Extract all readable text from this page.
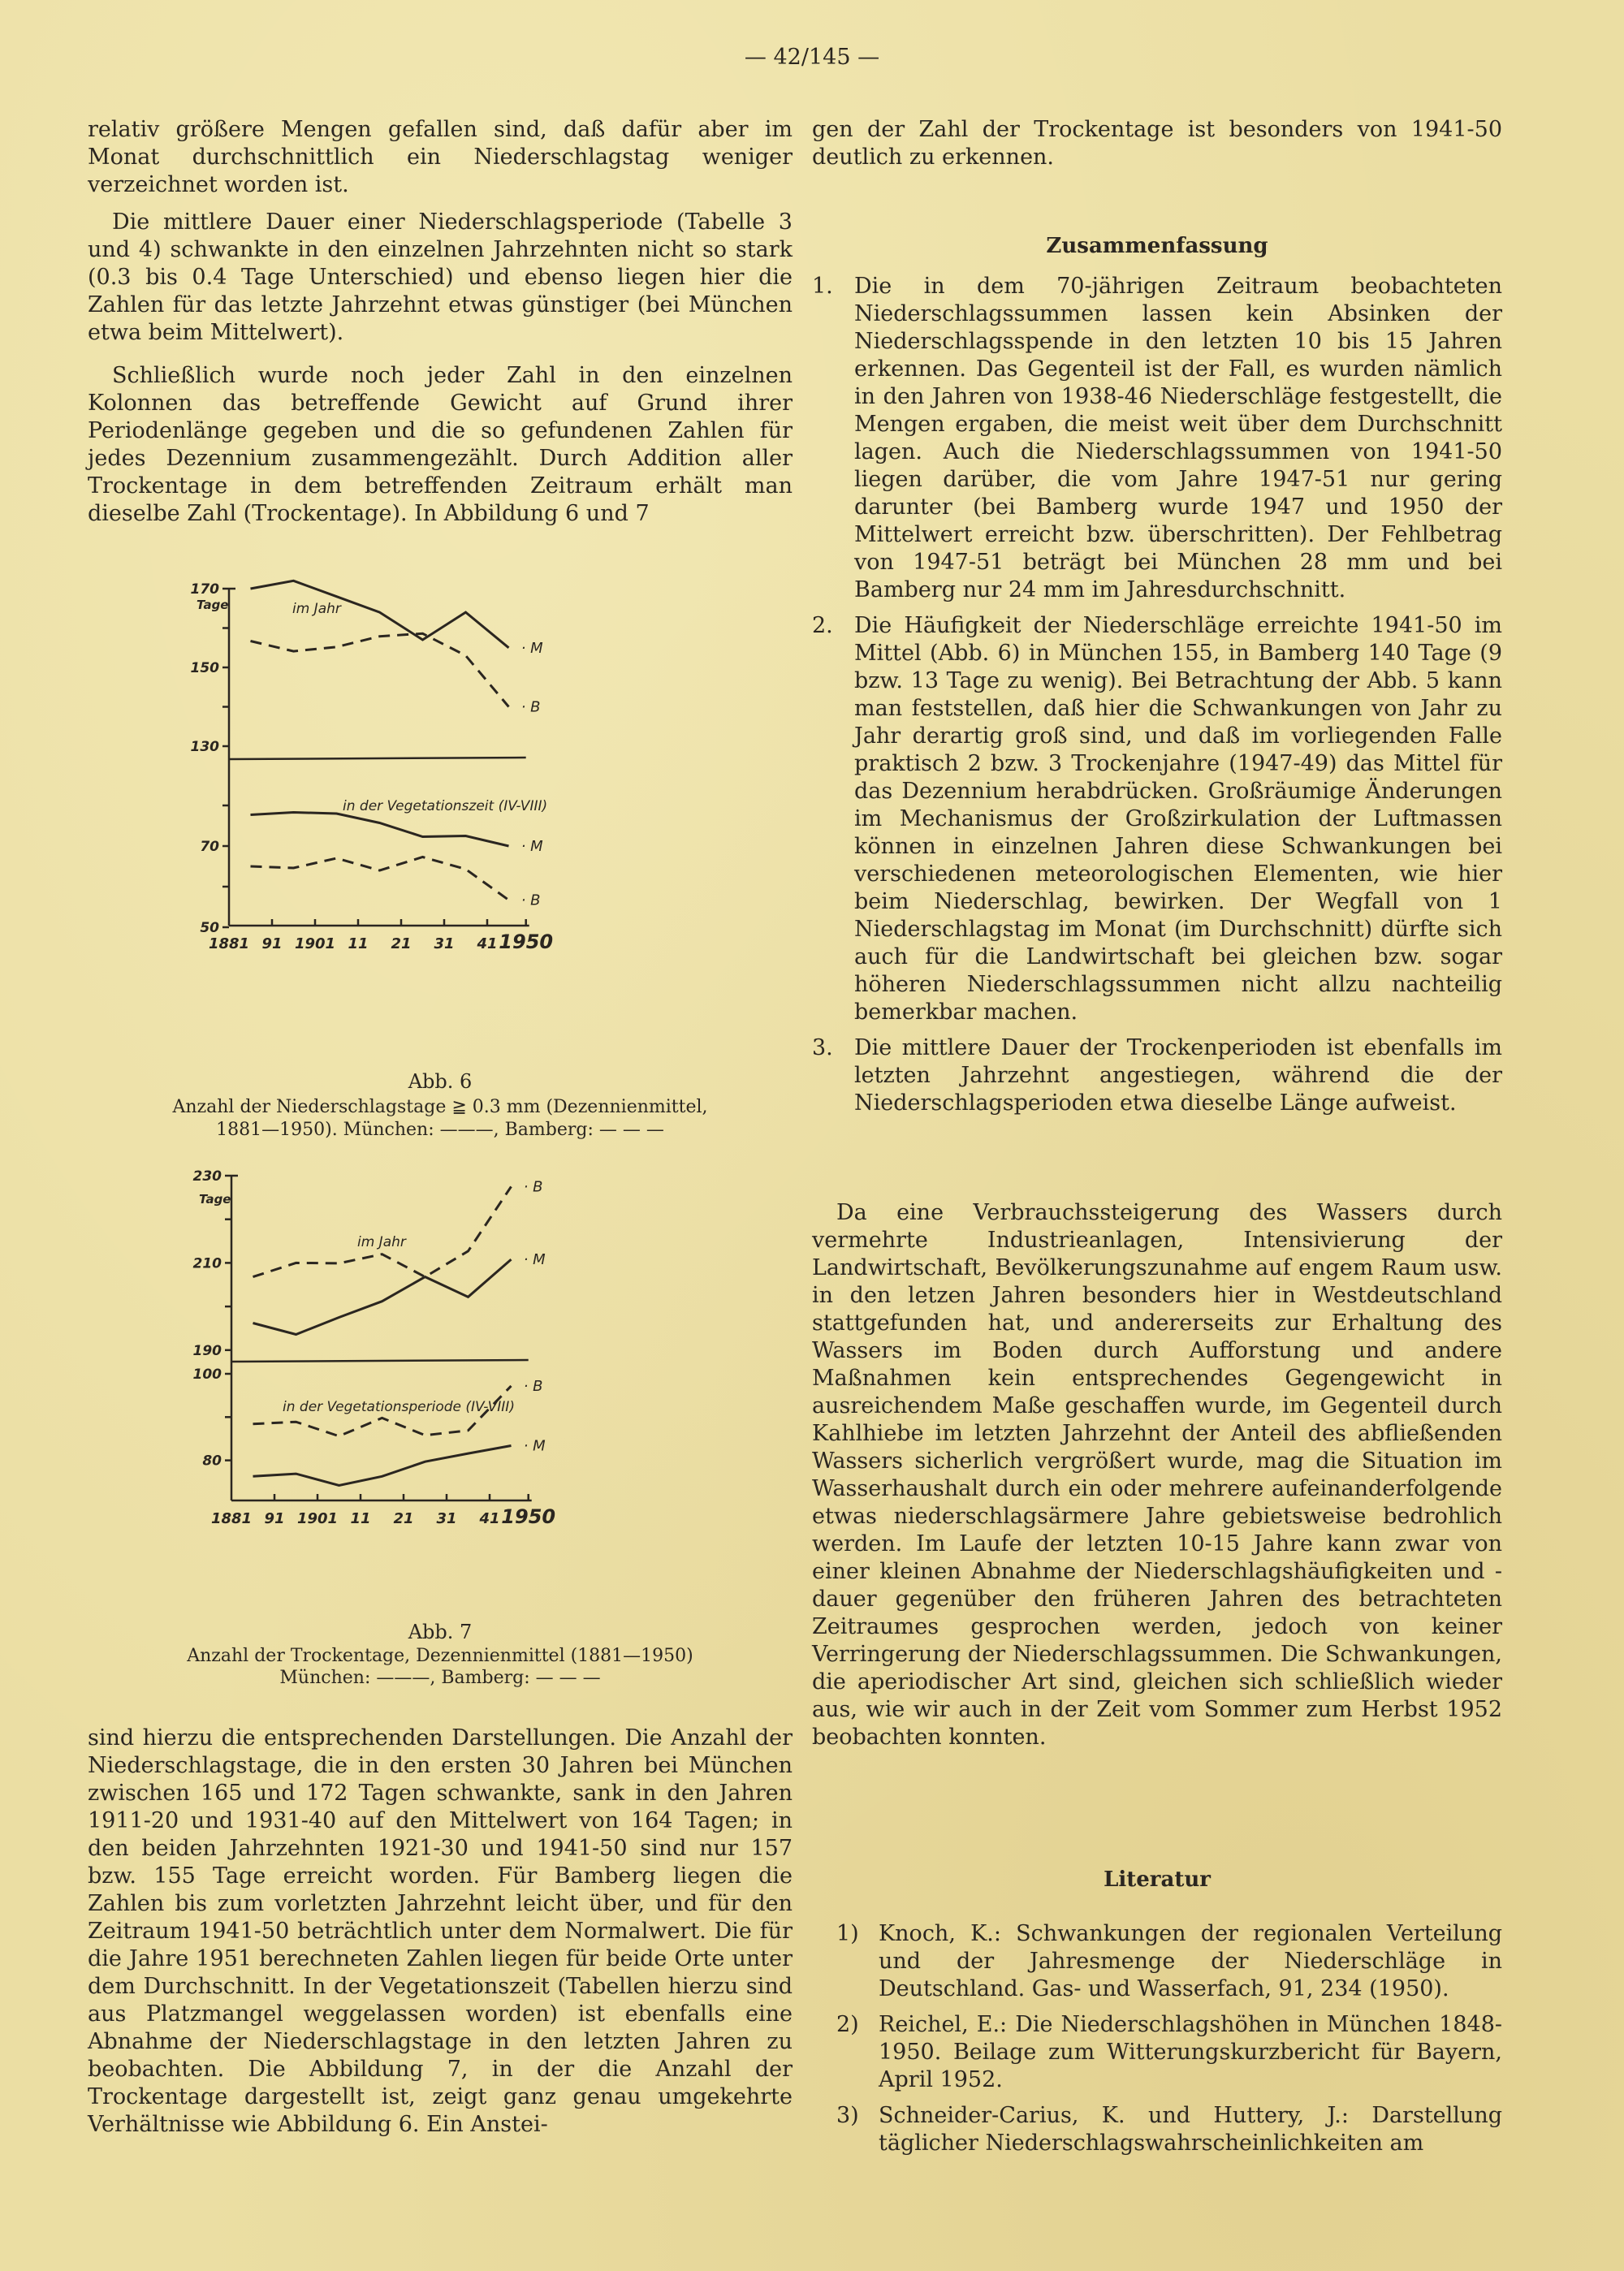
— 42/145 —

relativ größere Mengen gefallen sind, daß dafür aber im Monat durchschnittlich ein Niederschlagstag weniger verzeichnet worden ist.

Die mittlere Dauer einer Niederschlagsperiode (Tabelle 3 und 4) schwankte in den einzelnen Jahrzehnten nicht so stark (0.3 bis 0.4 Tage Unterschied) und ebenso liegen hier die Zahlen für das letzte Jahrzehnt etwas günstiger (bei München etwa beim Mittelwert).

Schließlich wurde noch jeder Zahl in den einzelnen Kolonnen das betreffende Gewicht auf Grund ihrer Periodenlänge gegeben und die so gefundenen Zahlen für jedes Dezennium zusammengezählt. Durch Addition aller Trockentage in dem betreffenden Zeitraum erhält man dieselbe Zahl (Trockentage). In Abbildung 6 und 7

Tage
1881 91 1901 11 21 31 41 1950
170
150
130
im Jahr
· M
· B
70
50
in der Vegetationszeit (IV-VIII)
· M
· B
Abb. 6
Anzahl der Niederschlagstage ≧ 0.3 mm (Dezennienmittel,
1881—1950). München: ———, Bamberg: — — —
Tage
1881 91 1901 11 21 31 41 1950
230
210
190
im Jahr
· M
· B
100
80
in der Vegetationsperiode (IV-VIII)
· M
· B
Abb. 7
Anzahl der Trockentage, Dezennienmittel (1881—1950)
München: ———, Bamberg: — — —

sind hierzu die entsprechenden Darstellungen. Die Anzahl der Niederschlagstage, die in den ersten 30 Jahren bei München zwischen 165 und 172 Tagen schwankte, sank in den Jahren 1911-20 und 1931-40 auf den Mittelwert von 164 Tagen; in den beiden Jahrzehnten 1921-30 und 1941-50 sind nur 157 bzw. 155 Tage erreicht worden. Für Bamberg liegen die Zahlen bis zum vorletzten Jahrzehnt leicht über, und für den Zeitraum 1941-50 beträchtlich unter dem Normalwert. Die für die Jahre 1951 berechneten Zahlen liegen für beide Orte unter dem Durchschnitt. In der Vegetationszeit (Tabellen hierzu sind aus Platzmangel weggelassen worden) ist ebenfalls eine Abnahme der Niederschlagstage in den letzten Jahren zu beobachten. Die Abbildung 7, in der die Anzahl der Trockentage dargestellt ist, zeigt ganz genau umgekehrte Verhältnisse wie Abbildung 6. Ein Anstei-

gen der Zahl der Trockentage ist besonders von 1941-50 deutlich zu erkennen.

Zusammenfassung
1. Die in dem 70-jährigen Zeitraum beobachteten Niederschlagssummen lassen kein Absinken der Niederschlagsspende in den letzten 10 bis 15 Jahren erkennen. Das Gegenteil ist der Fall, es wurden nämlich in den Jahren von 1938-46 Niederschläge festgestellt, die Mengen ergaben, die meist weit über dem Durchschnitt lagen. Auch die Niederschlagssummen von 1941-50 liegen darüber, die vom Jahre 1947-51 nur gering darunter (bei Bamberg wurde 1947 und 1950 der Mittelwert erreicht bzw. überschritten). Der Fehlbetrag von 1947-51 beträgt bei München 28 mm und bei Bamberg nur 24 mm im Jahresdurchschnitt.

2. Die Häufigkeit der Niederschläge erreichte 1941-50 im Mittel (Abb. 6) in München 155, in Bamberg 140 Tage (9 bzw. 13 Tage zu wenig). Bei Betrachtung der Abb. 5 kann man feststellen, daß hier die Schwankungen von Jahr zu Jahr derartig groß sind, und daß im vorliegenden Falle praktisch 2 bzw. 3 Trockenjahre (1947-49) das Mittel für das Dezennium herabdrücken. Großräumige Änderungen im Mechanismus der Großzirkulation der Luftmassen können in einzelnen Jahren diese Schwankungen bei verschiedenen meteorologischen Elementen, wie hier beim Niederschlag, bewirken. Der Wegfall von 1 Niederschlagstag im Monat (im Durchschnitt) dürfte sich auch für die Landwirtschaft bei gleichen bzw. sogar höheren Niederschlagssummen nicht allzu nachteilig bemerkbar machen.

3. Die mittlere Dauer der Trockenperioden ist ebenfalls im letzten Jahrzehnt angestiegen, während die der Niederschlagsperioden etwa dieselbe Länge aufweist.

Da eine Verbrauchssteigerung des Wassers durch vermehrte Industrieanlagen, Intensivierung der Landwirtschaft, Bevölkerungszunahme auf engem Raum usw. in den letzen Jahren besonders hier in Westdeutschland stattgefunden hat, und andererseits zur Erhaltung des Wassers im Boden durch Aufforstung und andere Maßnahmen kein entsprechendes Gegengewicht in ausreichendem Maße geschaffen wurde, im Gegenteil durch Kahlhiebe im letzten Jahrzehnt der Anteil des abfließenden Wassers sicherlich vergrößert wurde, mag die Situation im Wasserhaushalt durch ein oder mehrere aufeinanderfolgende etwas niederschlagsärmere Jahre gebietsweise bedrohlich werden. Im Laufe der letzten 10-15 Jahre kann zwar von einer kleinen Abnahme der Niederschlagshäufigkeiten und -dauer gegenüber den früheren Jahren des betrachteten Zeitraumes gesprochen werden, jedoch von keiner Verringerung der Niederschlagssummen. Die Schwankungen, die aperiodischer Art sind, gleichen sich schließlich wieder aus, wie wir auch in der Zeit vom Sommer zum Herbst 1952 beobachten konnten.

Literatur
1) Knoch, K.: Schwankungen der regionalen Verteilung und der Jahresmenge der Niederschläge in Deutschland. Gas- und Wasserfach, 91, 234 (1950).

2) Reichel, E.: Die Niederschlagshöhen in München 1848-1950. Beilage zum Witterungskurzbericht für Bayern, April 1952.

3) Schneider-Carius, K. und Huttery, J.: Darstellung täglicher Niederschlagswahrscheinlichkeiten am
